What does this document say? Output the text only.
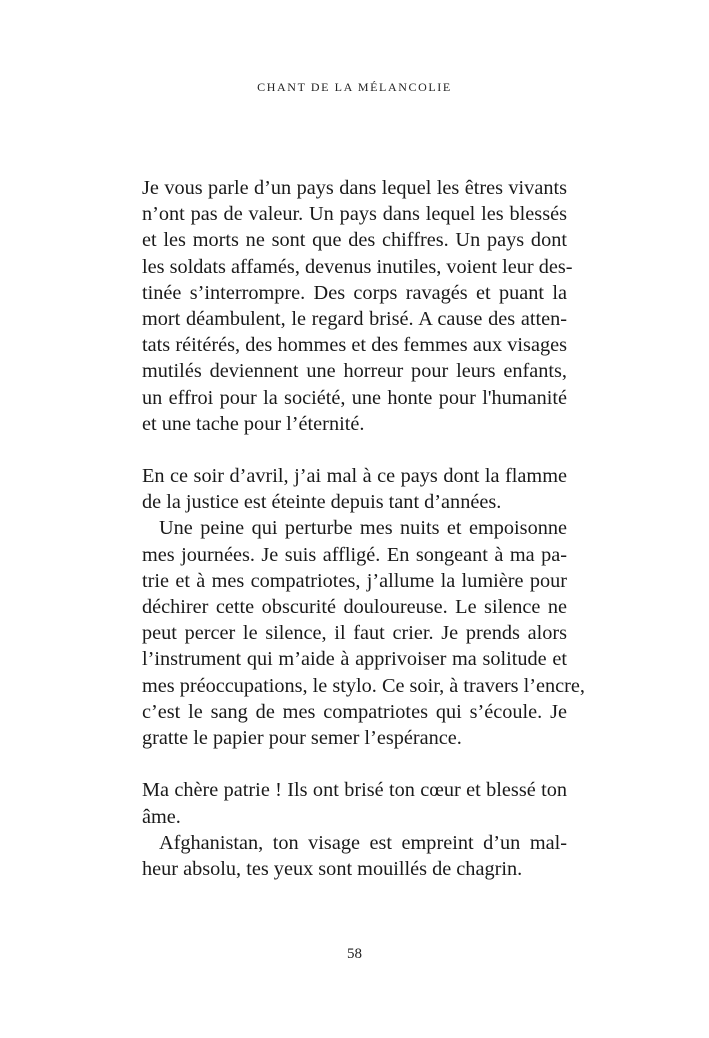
CHANT DE LA MÉLANCOLIE
Je vous parle d’un pays dans lequel les êtres vivants
n’ont pas de valeur. Un pays dans lequel les blessés
et les morts ne sont que des chiffres. Un pays dont
les soldats affamés, devenus inutiles, voient leur des-
tinée s’interrompre. Des corps ravagés et puant la
mort déambulent, le regard brisé. A cause des atten-
tats réitérés, des hommes et des femmes aux visages
mutilés deviennent une horreur pour leurs enfants,
un effroi pour la société, une honte pour l'humanité
et une tache pour l’éternité.
En ce soir d’avril, j’ai mal à ce pays dont la flamme
de la justice est éteinte depuis tant d’années.
Une peine qui perturbe mes nuits et empoisonne
mes journées. Je suis affligé. En songeant à ma pa-
trie et à mes compatriotes, j’allume la lumière pour
déchirer cette obscurité douloureuse. Le silence ne
peut percer le silence, il faut crier. Je prends alors
l’instrument qui m’aide à apprivoiser ma solitude et
mes préoccupations, le stylo. Ce soir, à travers l’encre,
c’est le sang de mes compatriotes qui s’écoule. Je
gratte le papier pour semer l’espérance.
Ma chère patrie ! Ils ont brisé ton cœur et blessé ton
âme.
Afghanistan, ton visage est empreint d’un mal-
heur absolu, tes yeux sont mouillés de chagrin.
58
